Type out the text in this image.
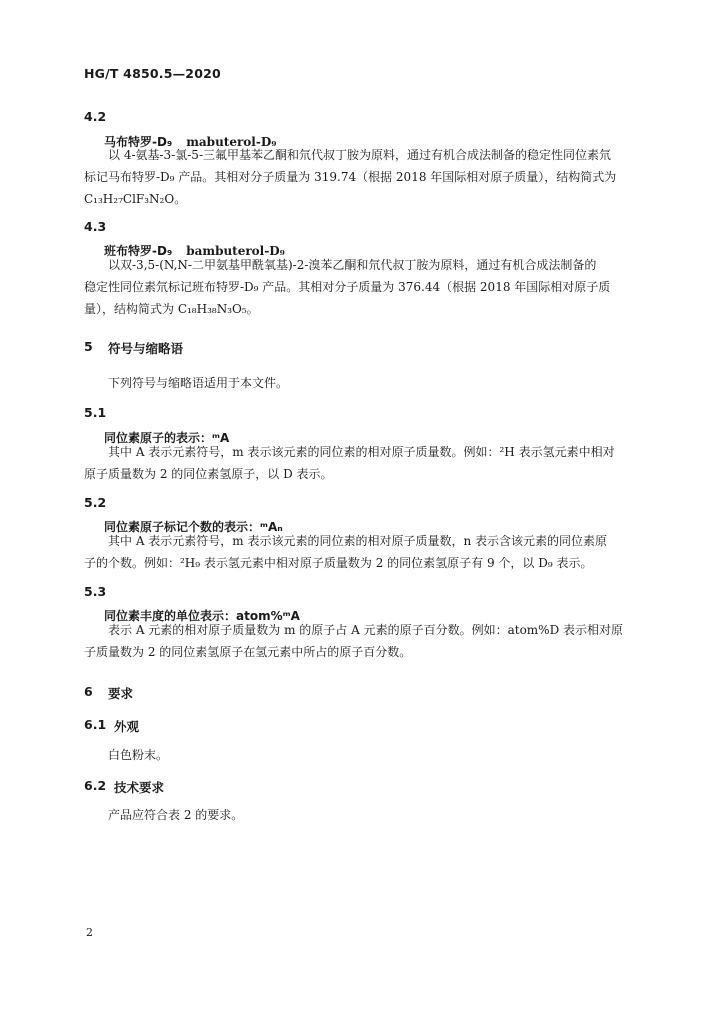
HG/T 4850.5—2020
4.2
马布特罗-D₉ mabuterol-D₉
以 4-氨基-3-氯-5-三氟甲基苯乙酮和氘代叔丁胺为原料，通过有机合成法制备的稳定性同位素氘
标记马布特罗-D₉ 产品。其相对分子质量为 319.74（根据 2018 年国际相对原子质量），结构简式为
C₁₃H₂₇ClF₃N₂O。
4.3
班布特罗-D₉ bambuterol-D₉
以双-3,5-(N,N-二甲氨基甲酰氧基)-2-溴苯乙酮和氘代叔丁胺为原料，通过有机合成法制备的
稳定性同位素氘标记班布特罗-D₉ 产品。其相对分子质量为 376.44（根据 2018 年国际相对原子质
量），结构简式为 C₁₈H₃₈N₃O₅。
5 符号与缩略语
下列符号与缩略语适用于本文件。
5.1
同位素原子的表示：ᵐA
其中 A 表示元素符号，m 表示该元素的同位素的相对原子质量数。例如：²H 表示氢元素中相对
原子质量数为 2 的同位素氢原子，以 D 表示。
5.2
同位素原子标记个数的表示：ᵐAₙ
其中 A 表示元素符号，m 表示该元素的同位素的相对原子质量数，n 表示含该元素的同位素原
子的个数。例如：²H₉ 表示氢元素中相对原子质量数为 2 的同位素氢原子有 9 个，以 D₉ 表示。
5.3
同位素丰度的单位表示：atom%ᵐA
表示 A 元素的相对原子质量数为 m 的原子占 A 元素的原子百分数。例如：atom%D 表示相对原
子质量数为 2 的同位素氢原子在氢元素中所占的原子百分数。
6 要求
6.1 外观
白色粉末。
6.2 技术要求
产品应符合表 2 的要求。
2
